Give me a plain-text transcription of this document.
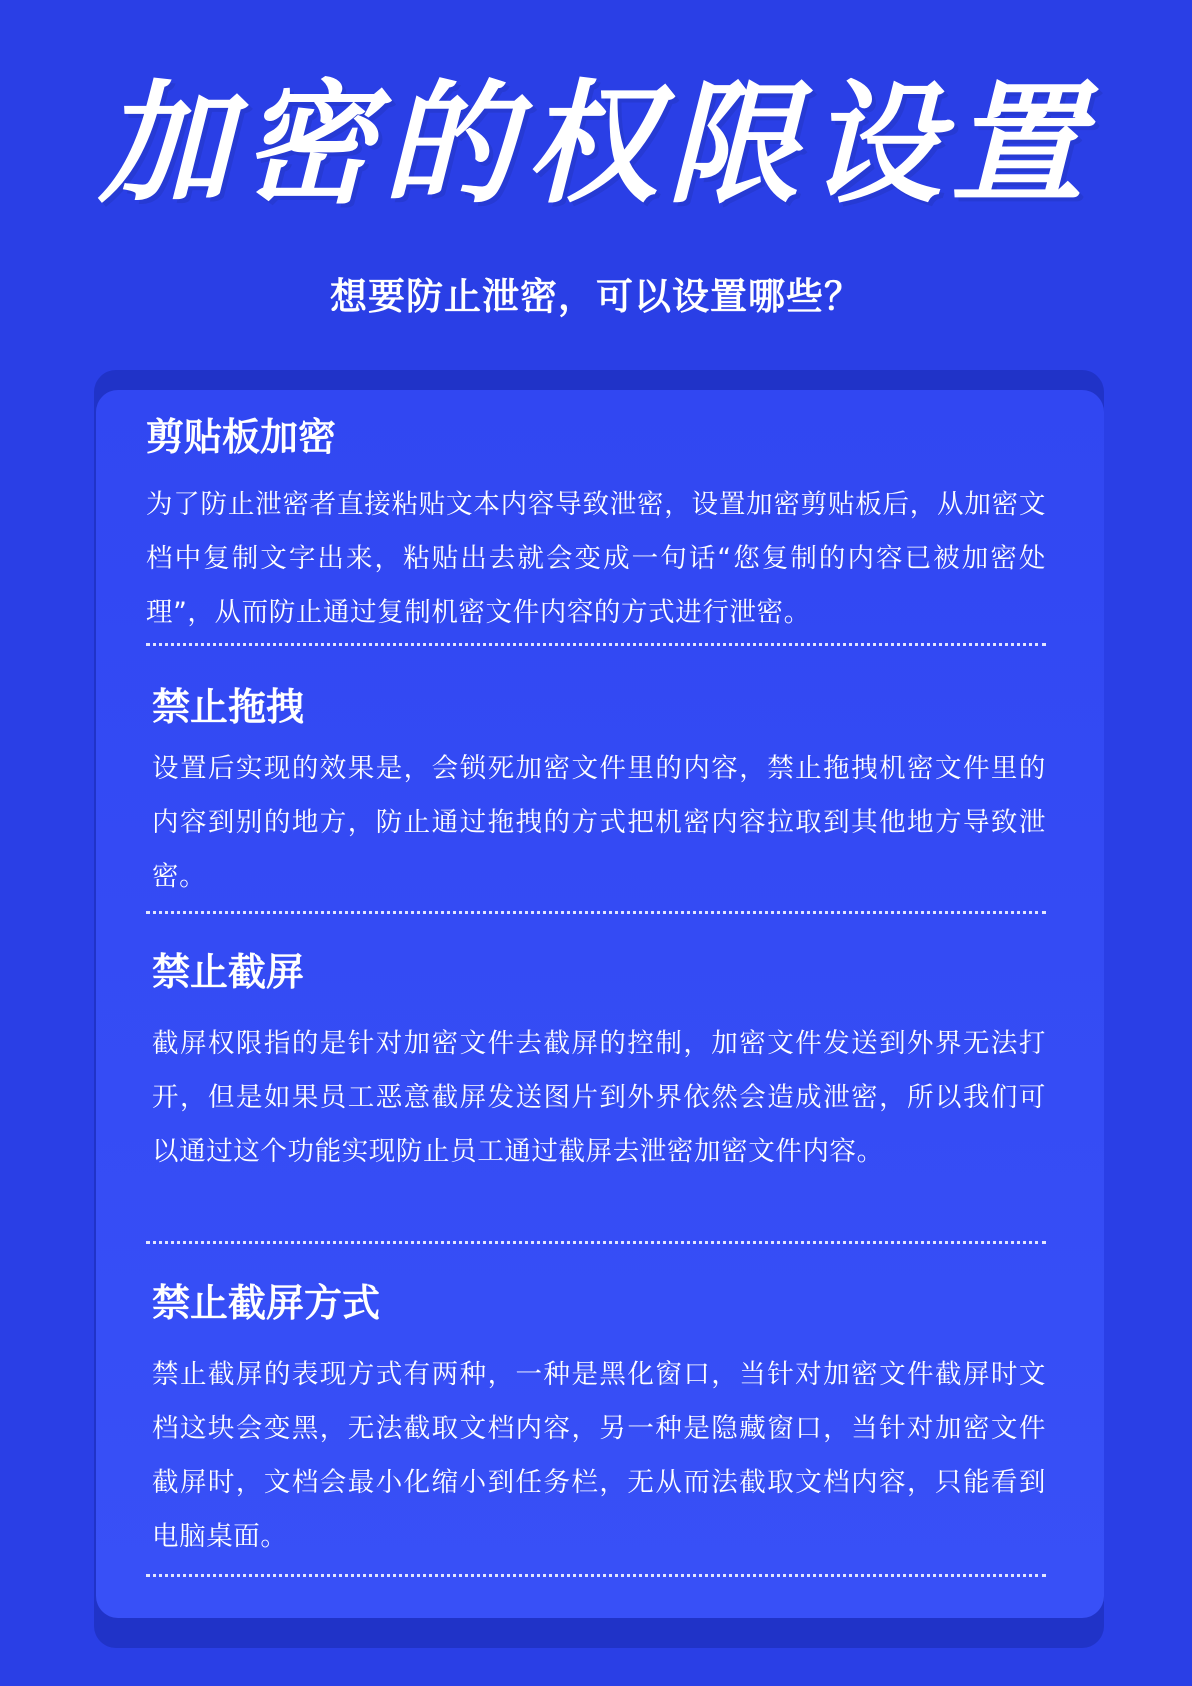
加密的权限设置
想要防止泄密，可以设置哪些？
剪贴板加密
为了防止泄密者直接粘贴文本内容导致泄密，设置加密剪贴板后，从加密文档中复制文字出来，粘贴出去就会变成一句话“您复制的内容已被加密处理”，从而防止通过复制机密文件内容的方式进行泄密。
禁止拖拽
设置后实现的效果是，会锁死加密文件里的内容，禁止拖拽机密文件里的内容到别的地方，防止通过拖拽的方式把机密内容拉取到其他地方导致泄密。
禁止截屏
截屏权限指的是针对加密文件去截屏的控制，加密文件发送到外界无法打开，但是如果员工恶意截屏发送图片到外界依然会造成泄密，所以我们可以通过这个功能实现防止员工通过截屏去泄密加密文件内容。
禁止截屏方式
禁止截屏的表现方式有两种，一种是黑化窗口，当针对加密文件截屏时文档这块会变黑，无法截取文档内容，另一种是隐藏窗口，当针对加密文件截屏时，文档会最小化缩小到任务栏，无从而法截取文档内容，只能看到电脑桌面。
